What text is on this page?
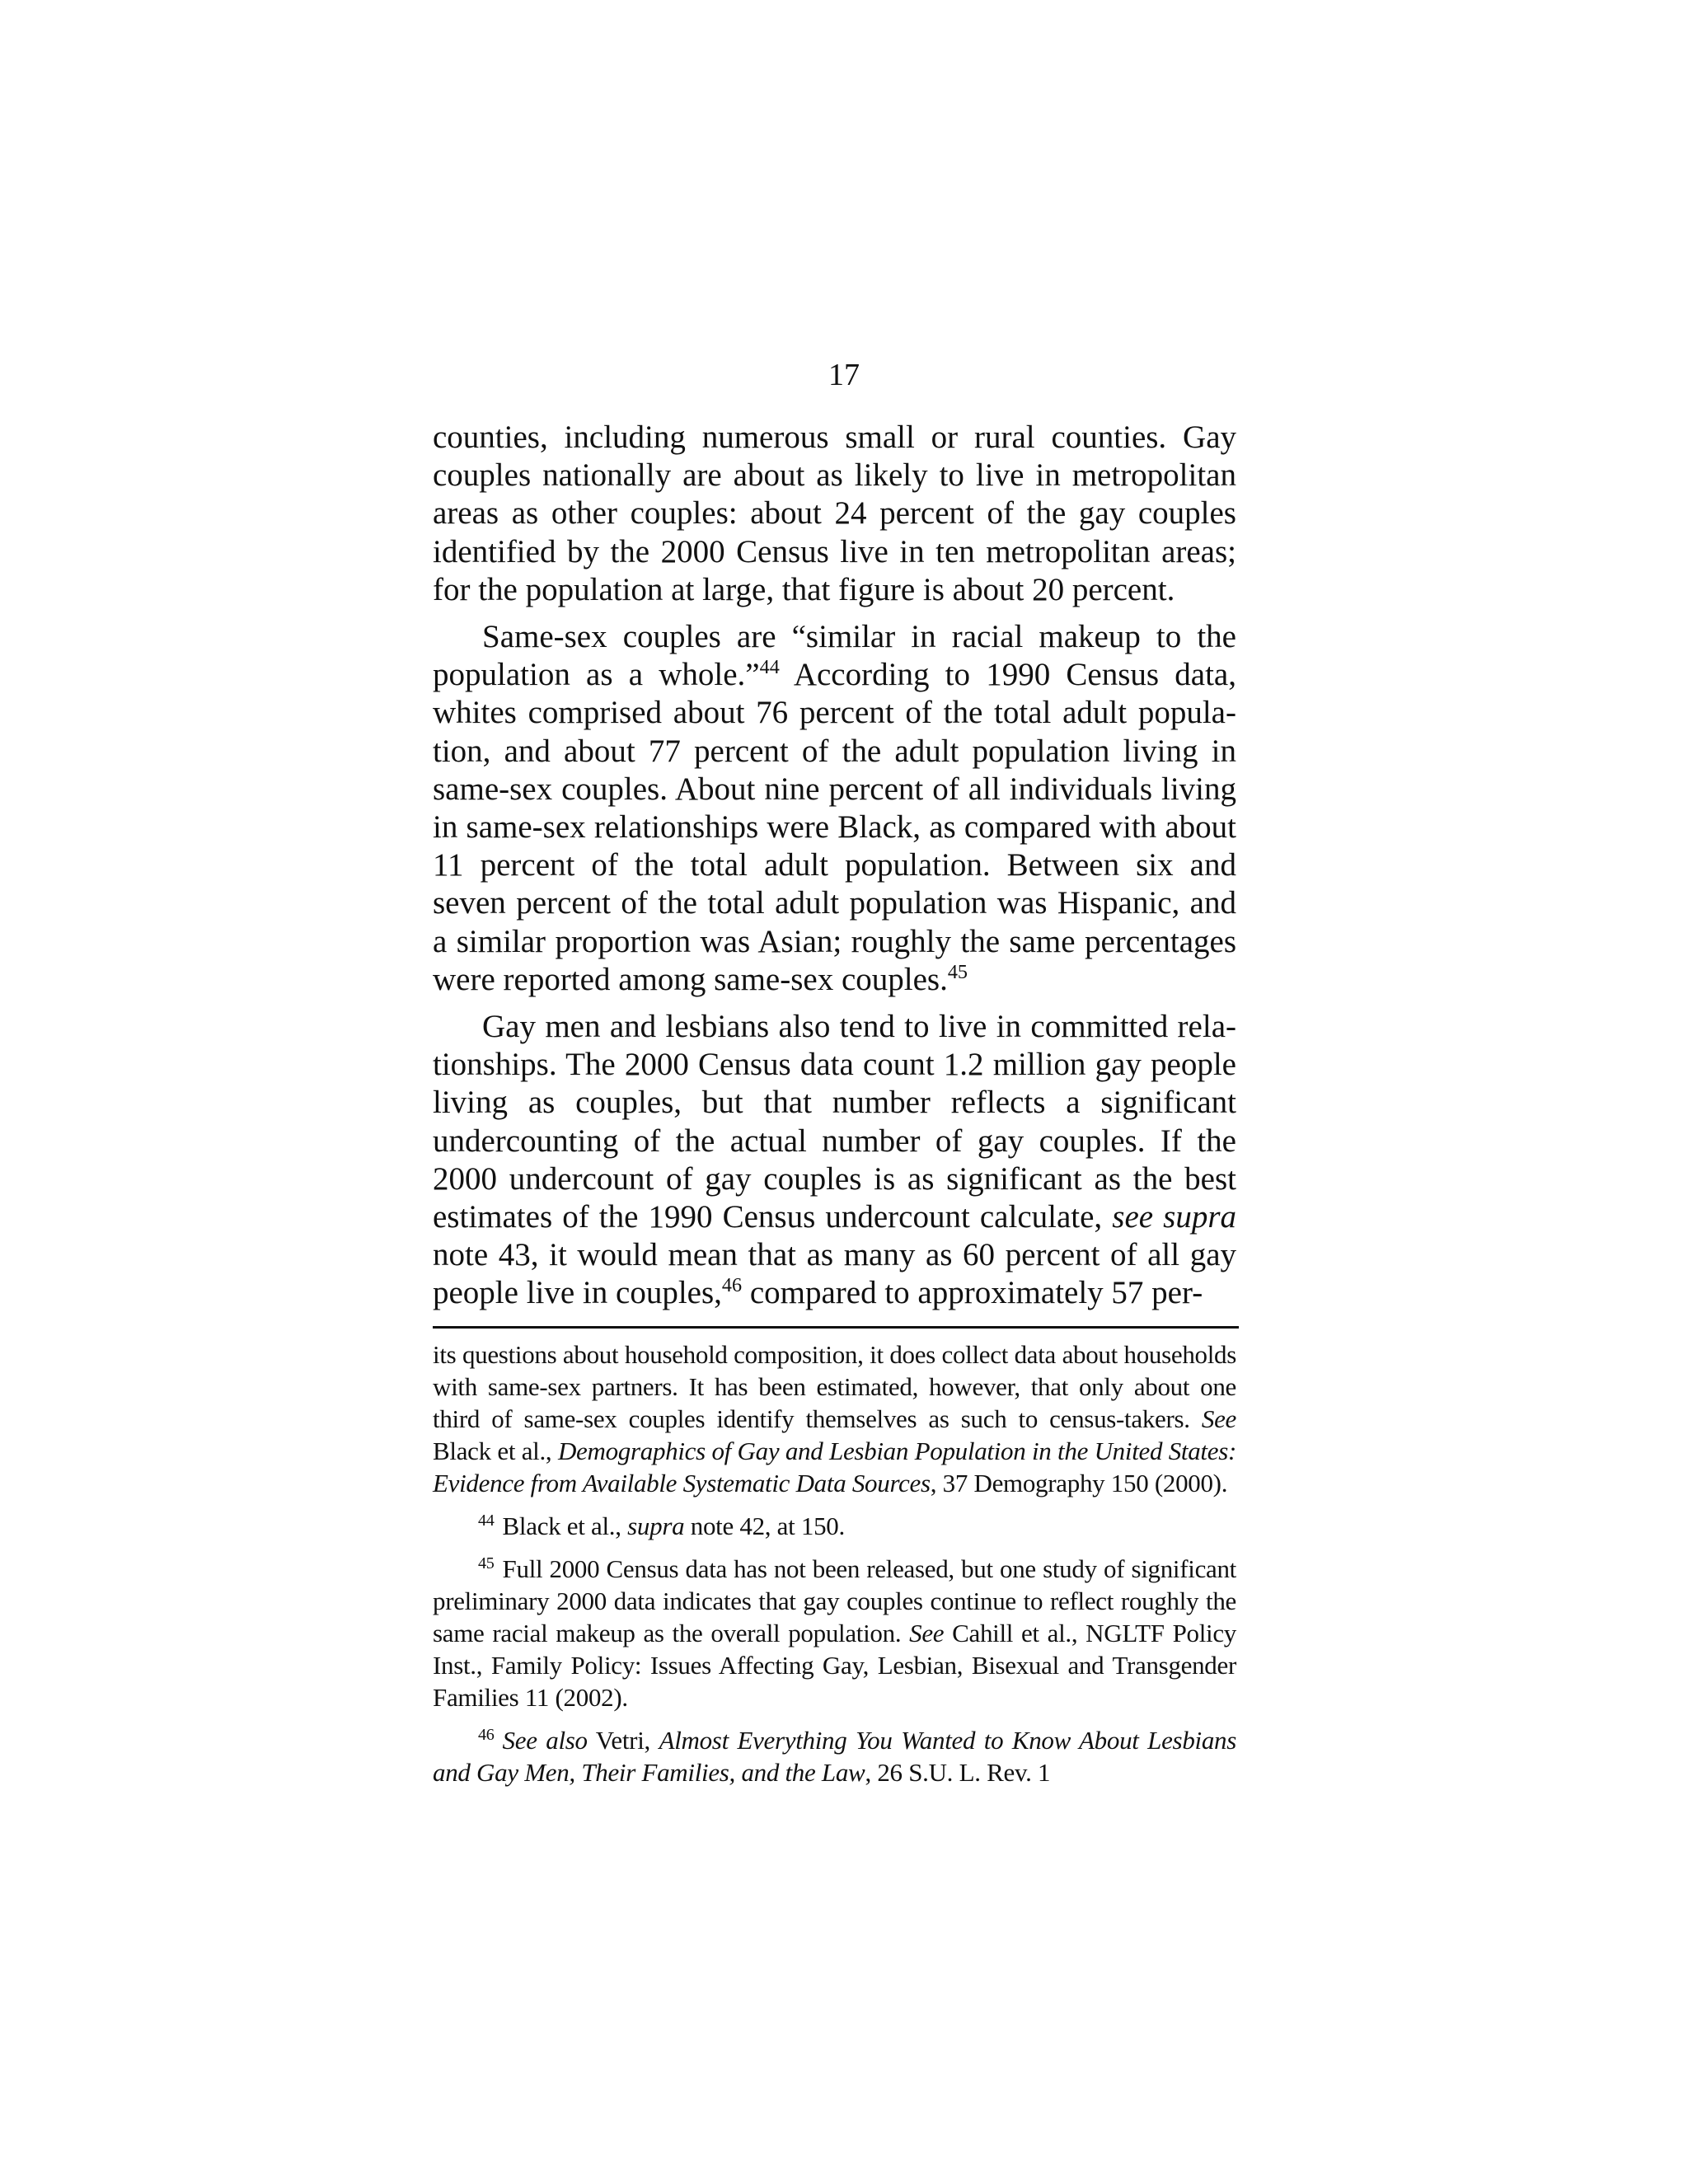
17

counties, including numerous small or rural counties. Gay couples nationally are about as likely to live in metropolitan areas as other couples: about 24 percent of the gay couples identified by the 2000 Census live in ten metropolitan areas; for the population at large, that figure is about 20 percent.

Same-sex couples are “similar in racial makeup to the population as a whole.”$^{44}$ According to 1990 Census data, whites comprised about 76 percent of the total adult population, and about 77 percent of the adult population living in same-sex couples. About nine percent of all individuals living in same-sex relationships were Black, as compared with about 11 percent of the total adult population. Between six and seven percent of the total adult population was Hispanic, and a similar proportion was Asian; roughly the same percentages were reported among same-sex couples.$^{45}$

Gay men and lesbians also tend to live in committed relationships. The 2000 Census data count 1.2 million gay people living as couples, but that number reflects a significant undercounting of the actual number of gay couples. If the 2000 undercount of gay couples is as significant as the best estimates of the 1990 Census undercount calculate, see supra note 43, it would mean that as many as 60 percent of all gay people live in couples,$^{46}$ compared to approximately 57 per-

its questions about household composition, it does collect data about households with same-sex partners. It has been estimated, however, that only about one third of same-sex couples identify themselves as such to census-takers. See Black et al., Demographics of Gay and Lesbian Population in the United States: Evidence from Available Systematic Data Sources, 37 Demography 150 (2000).

$^{44}$ Black et al., supra note 42, at 150.

$^{45}$ Full 2000 Census data has not been released, but one study of significant preliminary 2000 data indicates that gay couples continue to reflect roughly the same racial makeup as the overall population. See Cahill et al., NGLTF Policy Inst., Family Policy: Issues Affecting Gay, Lesbian, Bisexual and Transgender Families 11 (2002).

$^{46}$ See also Vetri, Almost Everything You Wanted to Know About Lesbians and Gay Men, Their Families, and the Law, 26 S.U. L. Rev. 1
